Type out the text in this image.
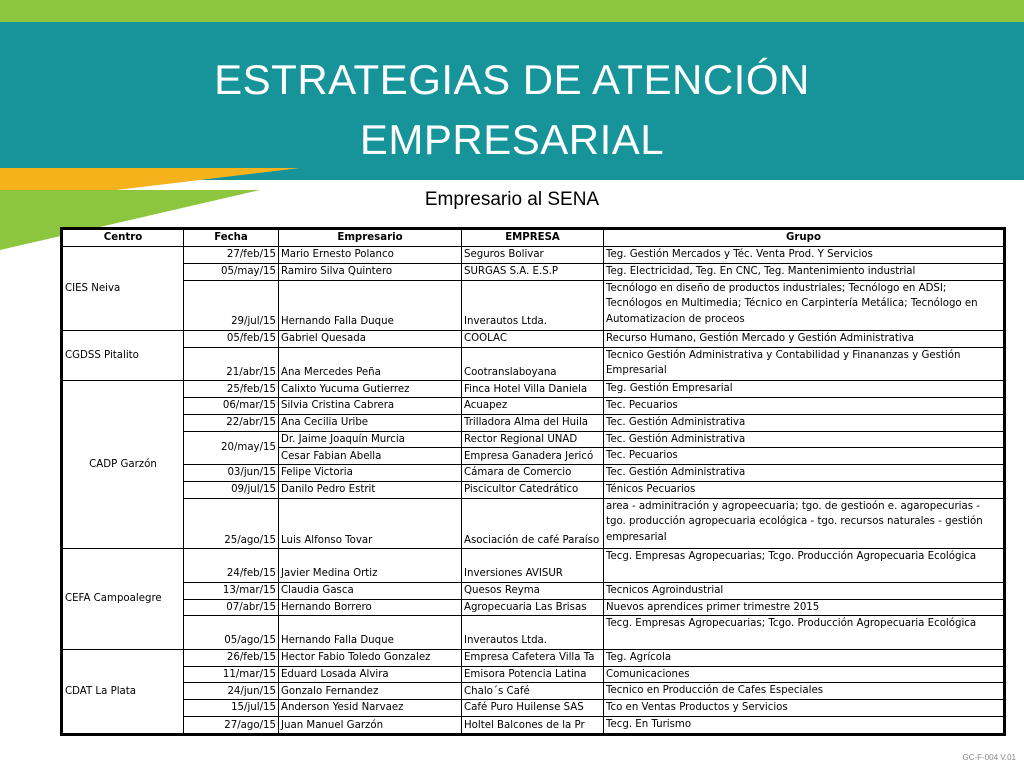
ESTRATEGIAS DE ATENCIÓN
EMPRESARIAL
Empresario al SENA
Centro	Fecha	Empresario	EMPRESA	Grupo
CIES Neiva	27/feb/15	Mario Ernesto Polanco	Seguros Bolivar	Teg. Gestión Mercados y Téc. Venta Prod. Y Servicios
	05/may/15	Ramiro Silva Quintero	SURGAS S.A. E.S.P	Teg. Electricidad, Teg. En CNC, Teg. Mantenimiento industrial
	29/jul/15	Hernando Falla Duque	Inverautos Ltda.	Tecnólogo en diseño de productos industriales; Tecnólogo en ADSI; Tecnólogos en Multimedia; Técnico en Carpintería Metálica; Tecnólogo en Automatizacion de proceos
CGDSS Pitalito	05/feb/15	Gabriel Quesada	COOLAC	Recurso Humano, Gestión Mercado y Gestión Administrativa
	21/abr/15	Ana Mercedes Peña	Cootranslaboyana	Tecnico Gestión Administrativa y Contabilidad y Finananzas y Gestión Empresarial
CADP Garzón	25/feb/15	Calixto Yucuma Gutierrez	Finca Hotel Villa Daniela	Teg. Gestión Empresarial
	06/mar/15	Silvia Cristina Cabrera	Acuapez	Tec. Pecuarios
	22/abr/15	Ana Cecilia Uribe	Trilladora Alma del Huila	Tec. Gestión Administrativa
	20/may/15	Dr. Jaime Joaquín Murcia	Rector Regional UNAD	Tec. Gestión Administrativa
		Cesar Fabian Abella	Empresa Ganadera Jericó	Tec. Pecuarios
	03/jun/15	Felipe Victoria	Cámara de Comercio	Tec. Gestión Administrativa
	09/jul/15	Danilo Pedro Estrit	Piscicultor Catedrático	Ténicos Pecuarios
	25/ago/15	Luis Alfonso Tovar	Asociación de café Paraíso	area - adminitración y agropeecuaria; tgo. de gestioón e. agaropecurias - tgo. producción agropecuaria ecológica - tgo. recursos naturales - gestión empresarial
CEFA Campoalegre	24/feb/15	Javier Medina Ortiz	Inversiones AVISUR	Tecg. Empresas Agropecuarias; Tcgo. Producción Agropecuaria Ecológica
	13/mar/15	Claudia Gasca	Quesos Reyma	Tecnicos Agroindustrial
	07/abr/15	Hernando Borrero	Agropecuaria Las Brisas	Nuevos aprendices primer trimestre 2015
	05/ago/15	Hernando Falla Duque	Inverautos Ltda.	Tecg. Empresas Agropecuarias; Tcgo. Producción Agropecuaria Ecológica
CDAT La Plata	26/feb/15	Hector Fabio Toledo Gonzalez	Empresa Cafetera Villa Ta	Teg. Agrícola
	11/mar/15	Eduard Losada Alvira	Emisora Potencia Latina	Comunicaciones
	24/jun/15	Gonzalo Fernandez	Chalo´s Café	Tecnico en Producción de Cafes Especiales
	15/jul/15	Anderson Yesid Narvaez	Café Puro Huilense SAS	Tco en Ventas Productos y Servicios
	27/ago/15	Juan Manuel Garzón	Holtel Balcones de la Pr	Tecg. En Turismo
GC-F-004 V.01
